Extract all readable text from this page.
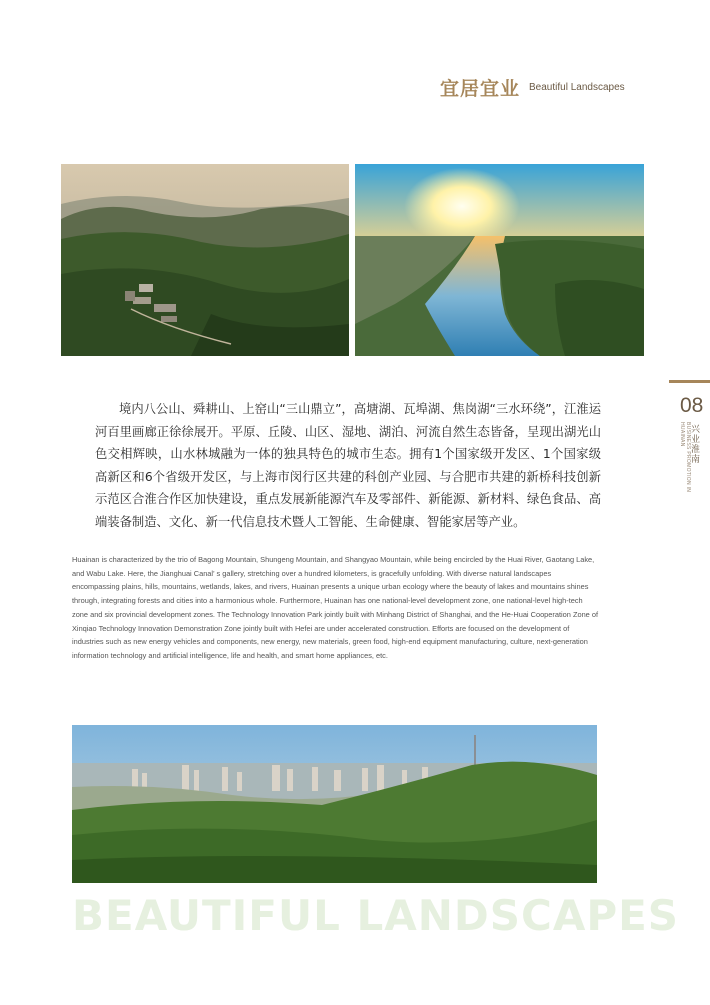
宜居宜业 Beautiful Landscapes
08
BUSINESS PROMOTION IN HUAINAN 兴业淮南
境内八公山、舜耕山、上窑山“三山鼎立”，高塘湖、瓦埠湖、焦岗湖“三水环绕”，江淮运河百里画廊正徐徐展开。平原、丘陵、山区、湿地、湖泊、河流自然生态皆备，呈现出湖光山色交相辉映，山水林城融为一体的独具特色的城市生态。拥有1个国家级开发区、1个国家级高新区和6个省级开发区，与上海市闵行区共建的科创产业园、与合肥市共建的新桥科技创新示范区合淮合作区加快建设，重点发展新能源汽车及零部件、新能源、新材料、绿色食品、高端装备制造、文化、新一代信息技术暨人工智能、生命健康、智能家居等产业。
Huainan is characterized by the trio of Bagong Mountain, Shungeng Mountain, and Shangyao Mountain, while being encircled by the Huai River, Gaotang Lake, and Wabu Lake. Here, the Jianghuai Canal’ s gallery, stretching over a hundred kilometers, is gracefully unfolding. With diverse natural landscapes encompassing plains, hills, mountains, wetlands, lakes, and rivers, Huainan presents a unique urban ecology where the beauty of lakes and mountains shines through, integrating forests and cities into a harmonious whole. Furthermore, Huainan has one national-level development zone, one national-level high-tech zone and six provincial development zones. The Technology Innovation Park jointly built with Minhang District of Shanghai, and the He-Huai Cooperation Zone of Xinqiao Technology Innovation Demonstration Zone jointly built with Hefei are under accelerated construction. Efforts are focused on the development of industries such as new energy vehicles and components, new energy, new materials, green food, high-end equipment manufacturing, culture, next-generation information technology and artificial intelligence, life and health, and smart home appliances, etc.
BEAUTIFUL LANDSCAPES
